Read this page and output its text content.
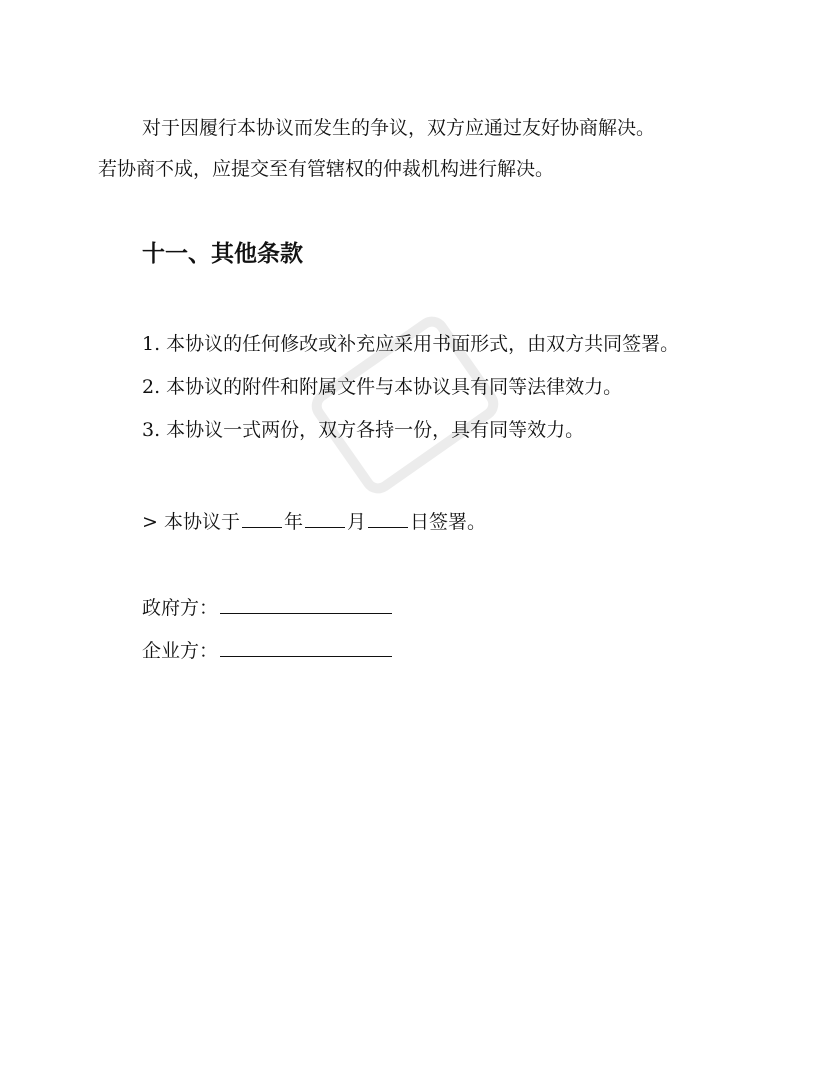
对于因履行本协议而发生的争议，双方应通过友好协商解决。
若协商不成，应提交至有管辖权的仲裁机构进行解决。
十一、其他条款
1. 本协议的任何修改或补充应采用书面形式，由双方共同签署。
2. 本协议的附件和附属文件与本协议具有同等法律效力。
3. 本协议一式两份，双方各持一份，具有同等效力。
> 本协议于 年 月 日签署。
政府方：
企业方：
